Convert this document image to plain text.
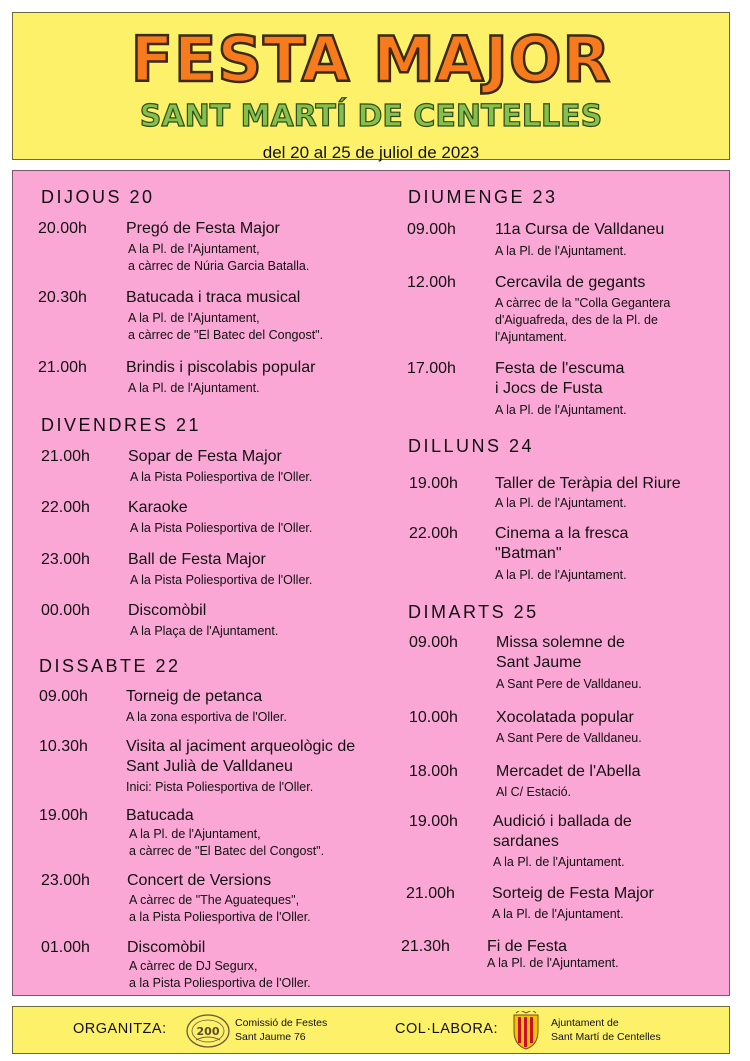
FESTA MAJOR
SANT MARTÍ DE CENTELLES
del 20 al 25 de juliol de 2023
DIJOUS 20
20.00h Pregó de Festa Major
A la Pl. de l'Ajuntament,
a càrrec de Núria Garcia Batalla.
20.30h Batucada i traca musical
A la Pl. de l'Ajuntament,
a càrrec de "El Batec del Congost".
21.00h Brindis i piscolabis popular
A la Pl. de l'Ajuntament.
DIVENDRES 21
21.00h Sopar de Festa Major
A la Pista Poliesportiva de l'Oller.
22.00h Karaoke
A la Pista Poliesportiva de l'Oller.
23.00h Ball de Festa Major
A la Pista Poliesportiva de l'Oller.
00.00h Discomòbil
A la Plaça de l'Ajuntament.
DISSABTE 22
09.00h Torneig de petanca
A la zona esportiva de l'Oller.
10.30h Visita al jaciment arqueològic de
Sant Julià de Valldaneu
Inici: Pista Poliesportiva de l'Oller.
19.00h Batucada
A la Pl. de l'Ajuntament,
a càrrec de "El Batec del Congost".
23.00h Concert de Versions
A càrrec de "The Aguateques",
a la Pista Poliesportiva de l'Oller.
01.00h Discomòbil
A càrrec de DJ Segurx,
a la Pista Poliesportiva de l'Oller.
DIUMENGE 23
09.00h 11a Cursa de Valldaneu
A la Pl. de l'Ajuntament.
12.00h Cercavila de gegants
A càrrec de la "Colla Gegantera
d'Aiguafreda, des de la Pl. de
l'Ajuntament.
17.00h Festa de l'escuma
i Jocs de Fusta
A la Pl. de l'Ajuntament.
DILLUNS 24
19.00h Taller de Teràpia del Riure
A la Pl. de l'Ajuntament.
22.00h Cinema a la fresca
"Batman"
A la Pl. de l'Ajuntament.
DIMARTS 25
09.00h Missa solemne de
Sant Jaume
A Sant Pere de Valldaneu.
10.00h Xocolatada popular
A Sant Pere de Valldaneu.
18.00h Mercadet de l'Abella
Al C/ Estació.
19.00h Audició i ballada de
sardanes
A la Pl. de l'Ajuntament.
21.00h Sorteig de Festa Major
A la Pl. de l'Ajuntament.
21.30h Fi de Festa
A la Pl. de l'Ajuntament.
ORGANITZA:	200
Comissió de Festes
Sant Jaume 76	COL·LABORA:	Ajuntament de
Sant Martí de Centelles
